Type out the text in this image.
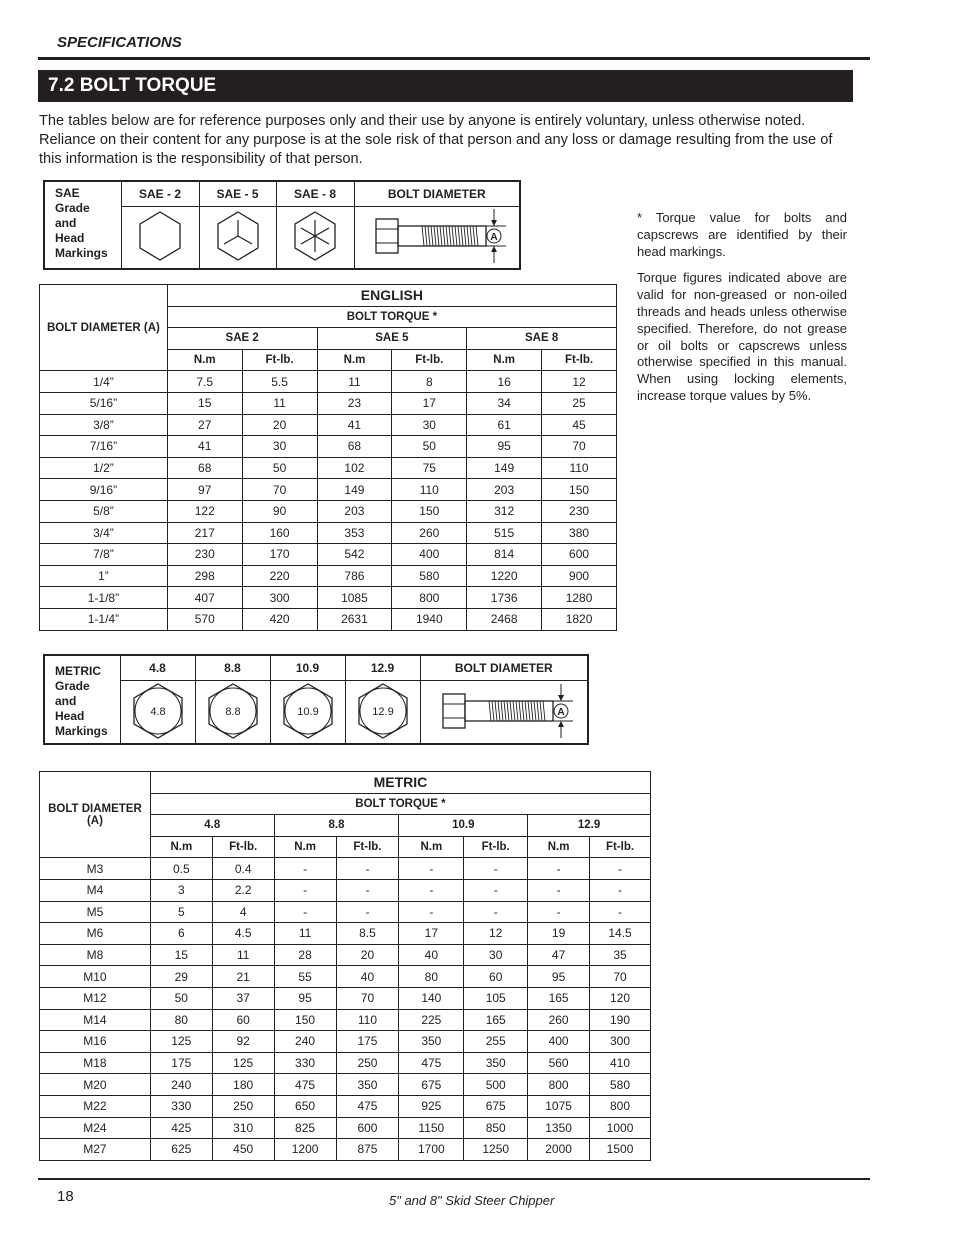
SPECIFICATIONS
7.2 BOLT TORQUE
The tables below are for reference purposes only and their use by anyone is entirely voluntary, unless otherwise noted. Reliance on their content for any purpose is at the sole risk of that person and any loss or damage resulting from the use of this information is the responsibility of that person.
SAE
Grade
and
Head
Markings	SAE - 2	SAE - 5	SAE - 8	BOLT DIAMETER

A
BOLT DIAMETER (A)	ENGLISH					
	BOLT TORQUE *					
	SAE 2		SAE 5		SAE 8	
	N.m	Ft-lb.	N.m	Ft-lb.	N.m	Ft-lb.
1/4”	7.5	5.5	11	8	16	12
5/16”	15	11	23	17	34	25
3/8”	27	20	41	30	61	45
7/16”	41	30	68	50	95	70
1/2”	68	50	102	75	149	110
9/16”	97	70	149	110	203	150
5/8”	122	90	203	150	312	230
3/4”	217	160	353	260	515	380
7/8”	230	170	542	400	814	600
1”	298	220	786	580	1220	900
1-1/8”	407	300	1085	800	1736	1280
1-1/4”	570	420	2631	1940	2468	1820

* Torque value for bolts and capscrews are identified by their head markings.

Torque figures indicated above are valid for non-greased or non-oiled threads and heads unless otherwise specified. Therefore, do not grease or oil bolts or capscrews unless otherwise specified in this manual. When using locking elements, increase torque values by 5%.

METRIC
Grade
and
Head
Markings	4.8	8.8	10.9	12.9	BOLT DIAMETER

4.8	8.8	10.9	12.9	A
BOLT DIAMETER (A)	METRIC							
	BOLT TORQUE *							
	4.8		8.8		10.9		12.9	
	N.m	Ft-lb.	N.m	Ft-lb.	N.m	Ft-lb.	N.m	Ft-lb.
M3	0.5	0.4	-	-	-	-	-	-
M4	3	2.2	-	-	-	-	-	-
M5	5	4	-	-	-	-	-	-
M6	6	4.5	11	8.5	17	12	19	14.5
M8	15	11	28	20	40	30	47	35
M10	29	21	55	40	80	60	95	70
M12	50	37	95	70	140	105	165	120
M14	80	60	150	110	225	165	260	190
M16	125	92	240	175	350	255	400	300
M18	175	125	330	250	475	350	560	410
M20	240	180	475	350	675	500	800	580
M22	330	250	650	475	925	675	1075	800
M24	425	310	825	600	1150	850	1350	1000
M27	625	450	1200	875	1700	1250	2000	1500
18	5" and 8" Skid Steer Chipper
